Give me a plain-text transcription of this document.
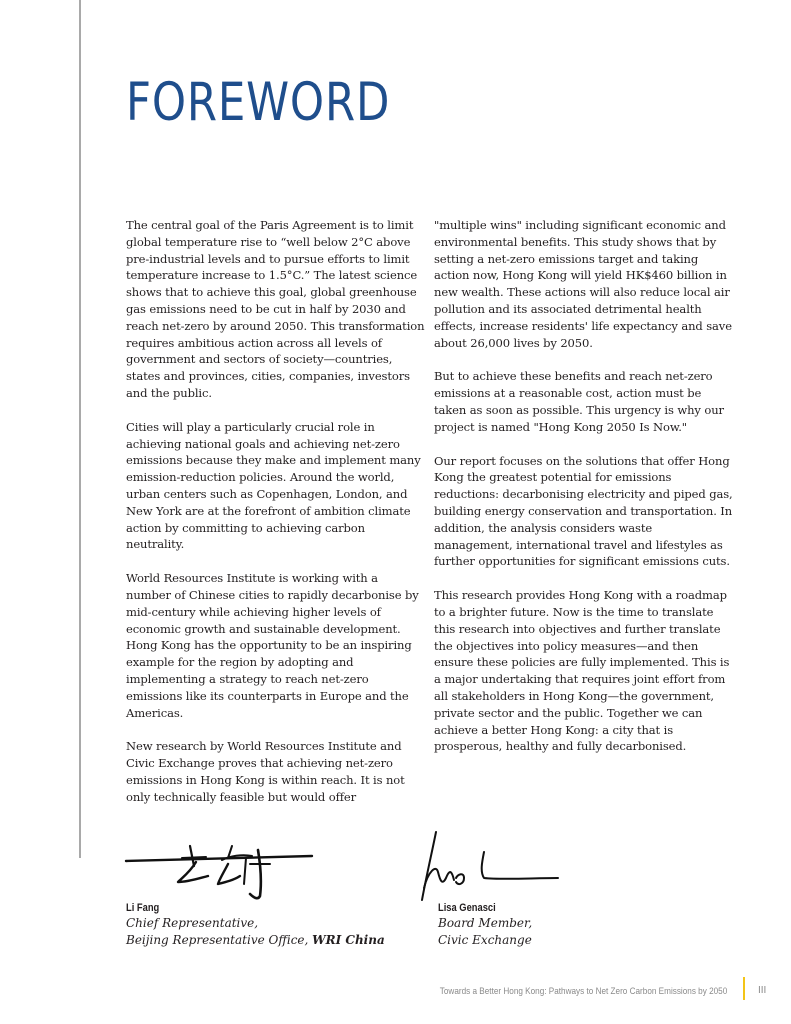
FOREWORD

The central goal of the Paris Agreement is to limit global temperature rise to “well below 2°C above pre-industrial levels and to pursue efforts to limit temperature increase to 1.5°C.” The latest science shows that to achieve this goal, global greenhouse gas emissions need to be cut in half by 2030 and reach net-zero by around 2050. This transformation requires ambitious action across all levels of government and sectors of society—countries, states and provinces, cities, companies, investors and the public.

Cities will play a particularly crucial role in achieving national goals and achieving net-zero emissions because they make and implement many emission-reduction policies. Around the world, urban centers such as Copenhagen, London, and New York are at the forefront of ambition climate action by committing to achieving carbon neutrality.

World Resources Institute is working with a number of Chinese cities to rapidly decarbonise by mid-century while achieving higher levels of economic growth and sustainable development. Hong Kong has the opportunity to be an inspiring example for the region by adopting and implementing a strategy to reach net-zero emissions like its counterparts in Europe and the Americas.

New research by World Resources Institute and Civic Exchange proves that achieving net-zero emissions in Hong Kong is within reach. It is not only technically feasible but would offer

"multiple wins" including significant economic and environmental benefits. This study shows that by setting a net-zero emissions target and taking action now, Hong Kong will yield HK$460 billion in new wealth. These actions will also reduce local air pollution and its associated detrimental health effects, increase residents' life expectancy and save about 26,000 lives by 2050.

But to achieve these benefits and reach net-zero emissions at a reasonable cost, action must be taken as soon as possible. This urgency is why our project is named "Hong Kong 2050 Is Now."

Our report focuses on the solutions that offer Hong Kong the greatest potential for emissions reductions: decarbonising electricity and piped gas, building energy conservation and transportation. In addition, the analysis considers waste management, international travel and lifestyles as further opportunities for significant emissions cuts.

This research provides Hong Kong with a roadmap to a brighter future. Now is the time to translate this research into objectives and further translate the objectives into policy measures—and then ensure these policies are fully implemented. This is a major undertaking that requires joint effort from all stakeholders in Hong Kong—the government, private sector and the public. Together we can achieve a better Hong Kong: a city that is prosperous, healthy and fully decarbonised.

Li Fang
Chief Representative,
Beijing Representative Office, WRI China
Lisa Genasci
Board Member,
Civic Exchange
Towards a Better Hong Kong: Pathways to Net Zero Carbon Emissions by 2050	III
